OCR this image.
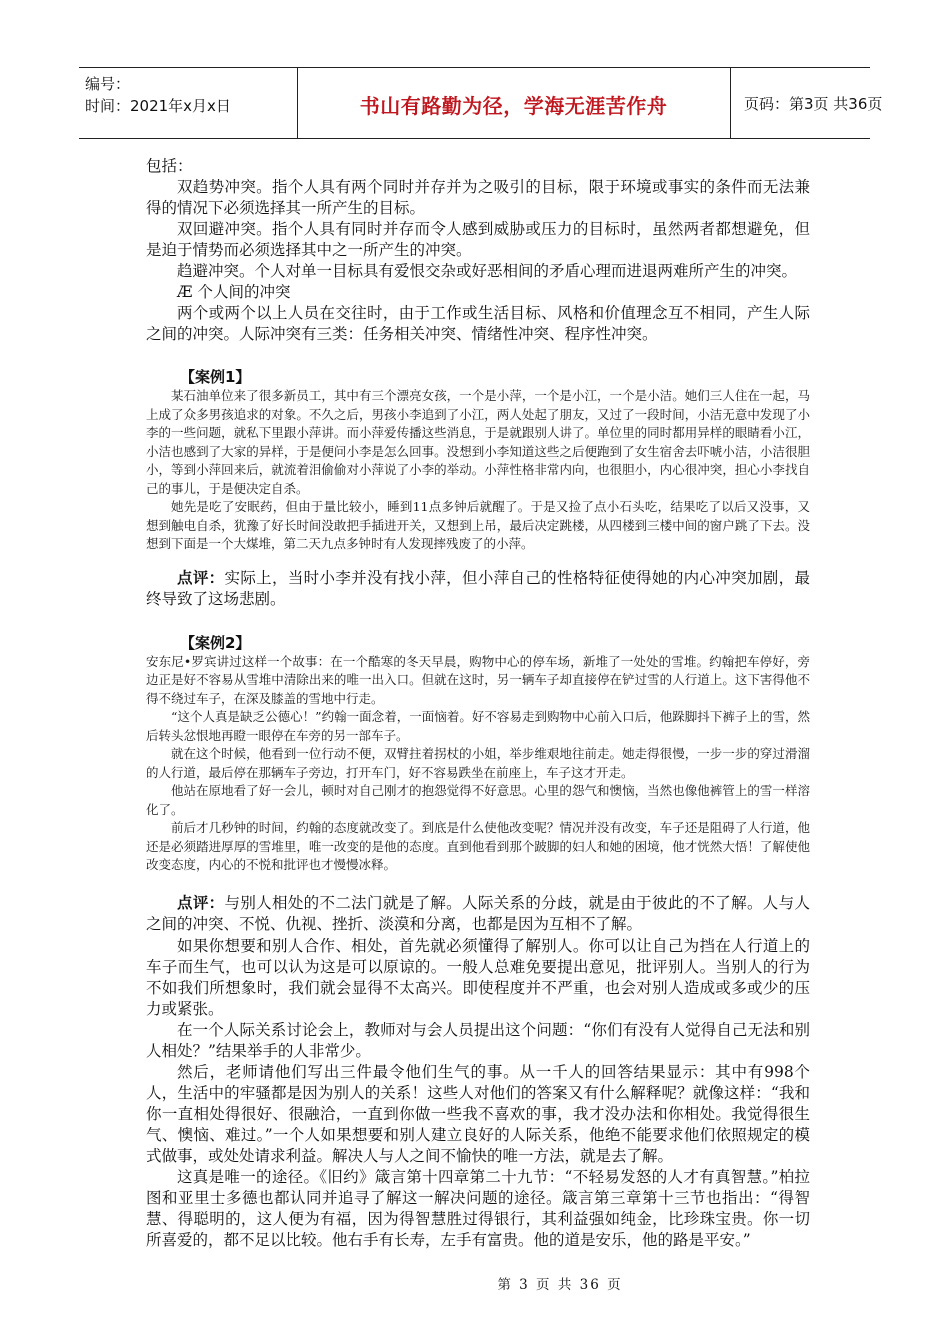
编号：
时间：2021年x月x日	书山有路勤为径，学海无涯苦作舟	页码：第3页 共36页

包括：

双趋势冲突。指个人具有两个同时并存并为之吸引的目标，限于环境或事实的条件而无法兼得的情况下必须选择其一所产生的目标。

双回避冲突。指个人具有同时并存而令人感到威胁或压力的目标时，虽然两者都想避免，但是迫于情势而必须选择其中之一所产生的冲突。

趋避冲突。个人对单一目标具有爱恨交杂或好恶相间的矛盾心理而进退两难所产生的冲突。

Æ 个人间的冲突

两个或两个以上人员在交往时，由于工作或生活目标、风格和价值理念互不相同，产生人际之间的冲突。人际冲突有三类：任务相关冲突、情绪性冲突、程序性冲突。

【案例1】

某石油单位来了很多新员工，其中有三个漂亮女孩，一个是小萍，一个是小江，一个是小洁。她们三人住在一起，马上成了众多男孩追求的对象。不久之后，男孩小李追到了小江，两人处起了朋友，又过了一段时间，小洁无意中发现了小李的一些问题，就私下里跟小萍讲。而小萍爱传播这些消息，于是就跟别人讲了。单位里的同时都用异样的眼睛看小江，小洁也感到了大家的异样，于是便问小李是怎么回事。没想到小李知道这些之后便跑到了女生宿舍去吓唬小洁，小洁很胆小，等到小萍回来后，就流着泪偷偷对小萍说了小李的举动。小萍性格非常内向，也很胆小，内心很冲突，担心小李找自己的事儿，于是便决定自杀。

她先是吃了安眠药，但由于量比较小，睡到11点多钟后就醒了。于是又捡了点小石头吃，结果吃了以后又没事，又想到触电自杀，犹豫了好长时间没敢把手插进开关，又想到上吊，最后决定跳楼，从四楼到三楼中间的窗户跳了下去。没想到下面是一个大煤堆，第二天九点多钟时有人发现摔残废了的小萍。

点评：实际上，当时小李并没有找小萍，但小萍自己的性格特征使得她的内心冲突加剧，最终导致了这场悲剧。

【案例2】

安东尼•罗宾讲过这样一个故事：在一个酷寒的冬天早晨，购物中心的停车场，新堆了一处处的雪堆。约翰把车停好，旁边正是好不容易从雪堆中清除出来的唯一出入口。但就在这时，另一辆车子却直接停在铲过雪的人行道上。这下害得他不得不绕过车子，在深及膝盖的雪地中行走。

“这个人真是缺乏公德心！”约翰一面念着，一面恼着。好不容易走到购物中心前入口后，他跺脚抖下裤子上的雪，然后转头忿恨地再瞪一眼停在车旁的另一部车子。

就在这个时候，他看到一位行动不便，双臂拄着拐杖的小姐，举步维艰地往前走。她走得很慢，一步一步的穿过滑溜的人行道，最后停在那辆车子旁边，打开车门，好不容易跌坐在前座上，车子这才开走。

他站在原地看了好一会儿，顿时对自己刚才的抱怨觉得不好意思。心里的怨气和懊恼，当然也像他裤管上的雪一样溶化了。

前后才几秒钟的时间，约翰的态度就改变了。到底是什么使他改变呢？情况并没有改变，车子还是阻碍了人行道，他还是必须踏进厚厚的雪堆里，唯一改变的是他的态度。直到他看到那个跛脚的妇人和她的困境，他才恍然大悟！了解使他改变态度，内心的不悦和批评也才慢慢冰释。

点评：与别人相处的不二法门就是了解。人际关系的分歧，就是由于彼此的不了解。人与人之间的冲突、不悦、仇视、挫折、淡漠和分离，也都是因为互相不了解。

如果你想要和别人合作、相处，首先就必须懂得了解别人。你可以让自己为挡在人行道上的车子而生气，也可以认为这是可以原谅的。一般人总难免要提出意见，批评别人。当别人的行为不如我们所想象时，我们就会显得不太高兴。即使程度并不严重，也会对别人造成或多或少的压力或紧张。

在一个人际关系讨论会上，教师对与会人员提出这个问题：“你们有没有人觉得自己无法和别人相处？”结果举手的人非常少。

然后，老师请他们写出三件最令他们生气的事。从一千人的回答结果显示：其中有998个人，生活中的牢骚都是因为别人的关系！这些人对他们的答案又有什么解释呢？就像这样：“我和你一直相处得很好、很融洽，一直到你做一些我不喜欢的事，我才没办法和你相处。我觉得很生气、懊恼、难过。”一个人如果想要和别人建立良好的人际关系，他绝不能要求他们依照规定的模式做事，或处处请求利益。解决人与人之间不愉快的唯一方法，就是去了解。

这真是唯一的途径。《旧约》箴言第十四章第二十九节：“不轻易发怒的人才有真智慧。”柏拉图和亚里士多德也都认同并追寻了解这一解决问题的途径。箴言第三章第十三节也指出：“得智慧、得聪明的，这人便为有福，因为得智慧胜过得银行，其利益强如纯金，比珍珠宝贵。你一切所喜爱的，都不足以比较。他右手有长寿，左手有富贵。他的道是安乐，他的路是平安。”

第 3 页 共 36 页
